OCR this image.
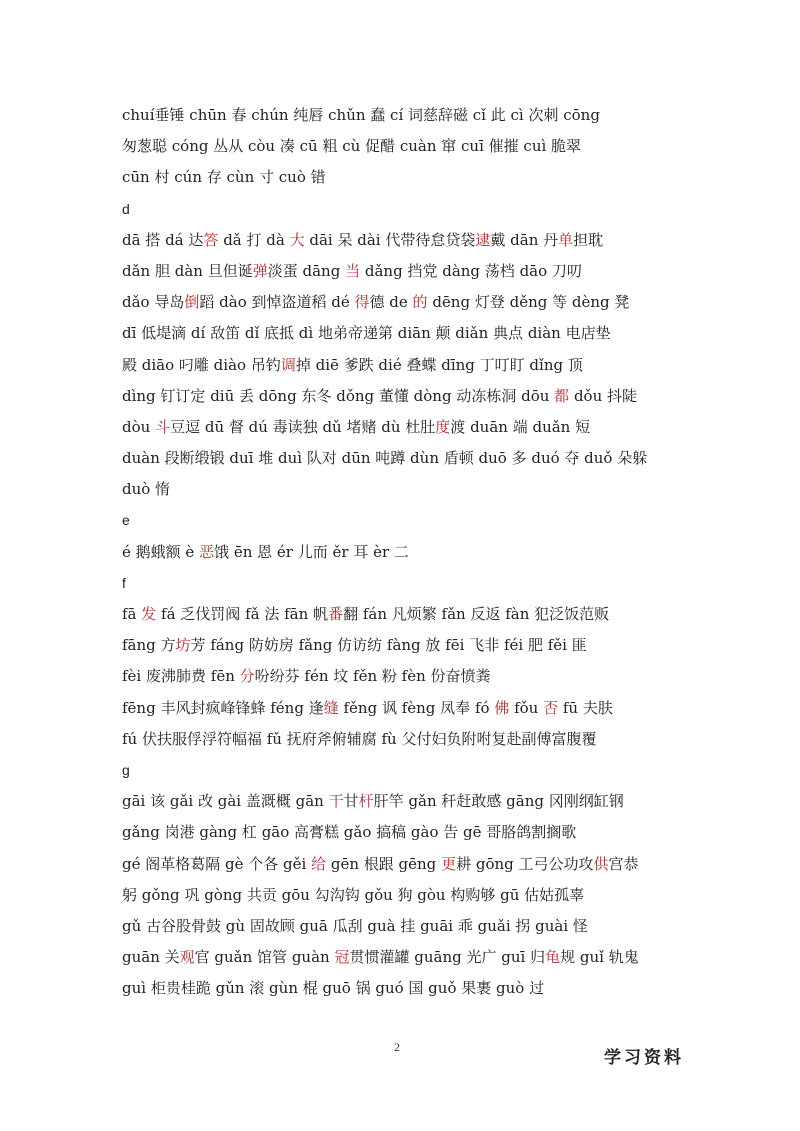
chuí垂锤 chūn 春 chún 纯唇 chǔn 蠢 cí 词慈辞磁 cǐ 此 cì 次刺 cōng
匆葱聪 cóng 丛从 còu 凑 cū 粗 cù 促醋 cuàn 窜 cuī 催摧 cuì 脆翠
cūn 村 cún 存 cùn 寸 cuò 错
d
dā 搭 dá 达答 dǎ 打 dà 大 dāi 呆 dài 代带待怠贷袋逮戴 dān 丹单担耽
dǎn 胆 dàn 旦但诞弹淡蛋 dāng 当 dǎng 挡党 dàng 荡档 dāo 刀叨
dǎo 导岛倒蹈 dào 到悼盗道稻 dé 得德 de 的 dēng 灯登 děng 等 dèng 凳
dī 低堤滴 dí 敌笛 dǐ 底抵 dì 地弟帝递第 diān 颠 diǎn 典点 diàn 电店垫
殿 diāo 叼雕 diào 吊钓调掉 diē 爹跌 dié 叠蝶 dīng 丁叮盯 dǐng 顶
dìng 钉订定 diū 丢 dōng 东冬 dǒng 董懂 dòng 动冻栋洞 dōu 都 dǒu 抖陡
dòu 斗豆逗 dū 督 dú 毒读独 dǔ 堵赌 dù 杜肚度渡 duān 端 duǎn 短
duàn 段断缎锻 duī 堆 duì 队对 dūn 吨蹲 dùn 盾顿 duō 多 duó 夺 duǒ 朵躲
duò 惰
e
é 鹅蛾额 è 恶饿 ēn 恩 ér 儿而 ěr 耳 èr 二
f
fā 发 fá 乏伐罚阀 fǎ 法 fān 帆番翻 fán 凡烦繁 fǎn 反返 fàn 犯泛饭范贩
fāng 方坊芳 fáng 防妨房 fǎng 仿访纺 fàng 放 fēi 飞非 féi 肥 fěi 匪
fèi 废沸肺费 fēn 分吩纷芬 fén 坟 fěn 粉 fèn 份奋愤粪
fēng 丰风封疯峰锋蜂 féng 逢缝 fěng 讽 fèng 凤奉 fó 佛 fǒu 否 fū 夫肤
fú 伏扶服俘浮符幅福 fǔ 抚府斧俯辅腐 fù 父付妇负附咐复赴副傅富腹覆
g
gāi 该 gǎi 改 gài 盖溉概 gān 干甘杆肝竿 gǎn 秆赶敢感 gāng 冈刚纲缸钢
gǎng 岗港 gàng 杠 gāo 高膏糕 gǎo 搞稿 gào 告 gē 哥胳鸽割搁歌
gé 阁革格葛隔 gè 个各 gěi 给 gēn 根跟 gēng 更耕 gōng 工弓公功攻供宫恭
躬 gǒng 巩 gòng 共贡 gōu 勾沟钩 gǒu 狗 gòu 构购够 gū 估姑孤辜
gǔ 古谷股骨鼓 gù 固故顾 guā 瓜刮 guà 挂 guāi 乖 guǎi 拐 guài 怪
guān 关观官 guǎn 馆管 guàn 冠贯惯灌罐 guāng 光广 guī 归龟规 guǐ 轨鬼
guì 柜贵桂跪 gǔn 滚 gùn 棍 guō 锅 guó 国 guǒ 果裹 guò 过
2
学习资料
